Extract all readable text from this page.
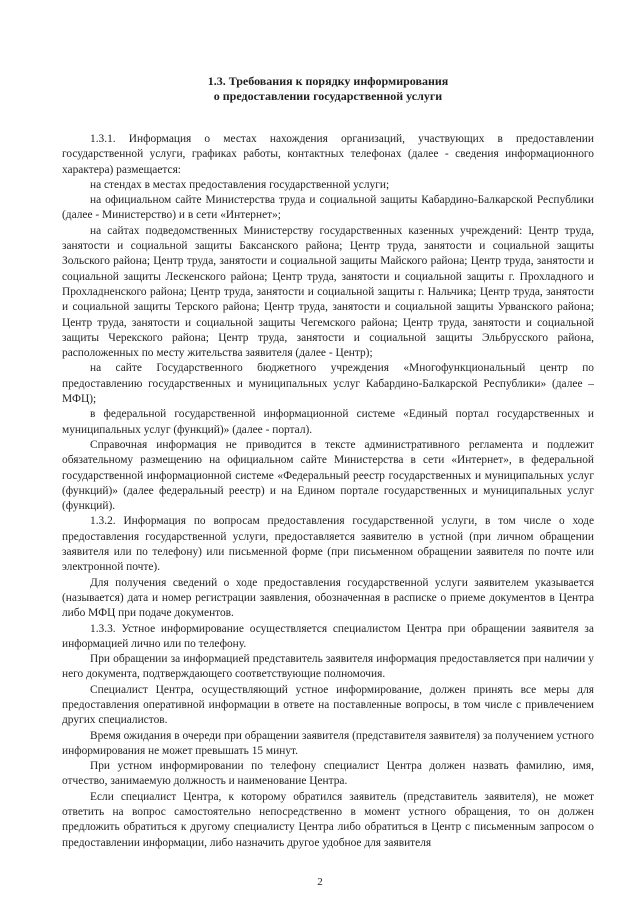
1.3. Требования к порядку информирования
о предоставлении государственной услуги

1.3.1. Информация о местах нахождения организаций, участвующих в предоставлении государственной услуги, графиках работы, контактных телефонах (далее - сведения информационного характера) размещается:

на стендах в местах предоставления государственной услуги;

на официальном сайте Министерства труда и социальной защиты Кабардино-Балкарской Республики (далее - Министерство) и в сети «Интернет»;

на сайтах подведомственных Министерству государственных казенных учреждений: Центр труда, занятости и социальной защиты Баксанского района; Центр труда, занятости и социальной защиты Зольского района; Центр труда, занятости и социальной защиты Майского района; Центр труда, занятости и социальной защиты Лескенского района; Центр труда, занятости и социальной защиты г. Прохладного и Прохладненского района; Центр труда, занятости и социальной защиты г. Нальчика; Центр труда, занятости и социальной защиты Терского района; Центр труда, занятости и социальной защиты Урванского района; Центр труда, занятости и социальной защиты Чегемского района; Центр труда, занятости и социальной защиты Черекского района; Центр труда, занятости и социальной защиты Эльбрусского района, расположенных по месту жительства заявителя (далее - Центр);

на сайте Государственного бюджетного учреждения «Многофункциональный центр по предоставлению государственных и муниципальных услуг Кабардино-Балкарской Республики» (далее – МФЦ);

в федеральной государственной информационной системе «Единый портал государственных и муниципальных услуг (функций)» (далее - портал).

Справочная информация не приводится в тексте административного регламента и подлежит обязательному размещению на официальном сайте Министерства в сети «Интернет», в федеральной государственной информационной системе «Федеральный реестр государственных и муниципальных услуг (функций)» (далее федеральный реестр) и на Едином портале государственных и муниципальных услуг (функций).

1.3.2. Информация по вопросам предоставления государственной услуги, в том числе о ходе предоставления государственной услуги, предоставляется заявителю в устной (при личном обращении заявителя или по телефону) или письменной форме (при письменном обращении заявителя по почте или электронной почте).

Для получения сведений о ходе предоставления государственной услуги заявителем указывается (называется) дата и номер регистрации заявления, обозначенная в расписке о приеме документов в Центра либо МФЦ при подаче документов.

1.3.3. Устное информирование осуществляется специалистом Центра при обращении заявителя за информацией лично или по телефону.

При обращении за информацией представитель заявителя информация предоставляется при наличии у него документа, подтверждающего соответствующие полномочия.

Специалист Центра, осуществляющий устное информирование, должен принять все меры для предоставления оперативной информации в ответе на поставленные вопросы, в том числе с привлечением других специалистов.

Время ожидания в очереди при обращении заявителя (представителя заявителя) за получением устного информирования не может превышать 15 минут.

При устном информировании по телефону специалист Центра должен назвать фамилию, имя, отчество, занимаемую должность и наименование Центра.

Если специалист Центра, к которому обратился заявитель (представитель заявителя), не может ответить на вопрос самостоятельно непосредственно в момент устного обращения, то он должен предложить обратиться к другому специалисту Центра либо обратиться в Центр с письменным запросом о предоставлении информации, либо назначить другое удобное для заявителя

2
